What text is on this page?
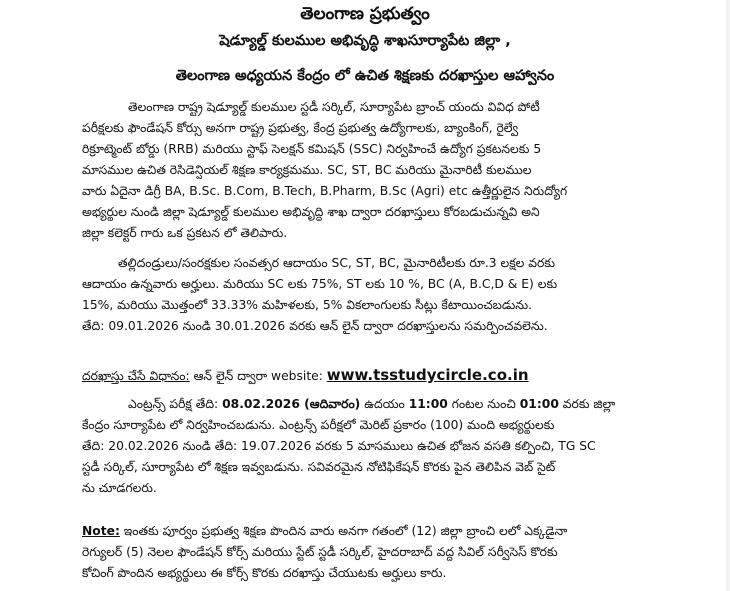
తెలంగాణ ప్రభుత్వం
షెడ్యూల్డ్ కులముల అభివృద్ధి శాఖసూర్యాపేట జిల్లా ,
తెలంగాణ అధ్యయన కేంద్రం లో ఉచిత శిక్షణకు దరఖాస్తుల ఆహ్వానం
తెలంగాణ రాష్ట్ర షెడ్యూల్డ్ కులముల స్టడీ సర్కిల్, సూర్యాపేట బ్రాంచ్ యందు వివిధ పోటీ
పరీక్షలకు ఫౌండేషన్ కోర్సు అనగా రాష్ట్ర ప్రభుత్వ, కేంద్ర ప్రభుత్వ ఉద్యోగాలకు, బ్యాంకింగ్, రైల్వే
రిక్రూట్మెంట్ బోర్డు (RRB) మరియు స్టాఫ్ సెలక్షన్ కమిషన్ (SSC) నిర్వహించే ఉద్యోగ ప్రకటనలకు 5
మాసముల ఉచిత రెసిడెన్షియల్ శిక్షణ కార్యక్రమము. SC, ST, BC మరియు మైనారిటీ కులముల
వారు ఏదైనా డిగ్రీ BA, B.Sc. B.Com, B.Tech, B.Pharm, B.Sc (Agri) etc ఉత్తీర్ణులైన నిరుద్యోగ
అభ్యర్థుల నుండి జిల్లా షెడ్యూల్డ్ కులముల అభివృద్ధి శాఖ ద్వారా దరఖాస్తులు కోరబడుచున్నవి అని
జిల్లా కలెక్టర్ గారు ఒక ప్రకటన లో తెలిపారు.
తల్లిదండ్రులు/సంరక్షకుల సంవత్సర ఆదాయం SC, ST, BC, మైనారిటీలకు రూ.3 లక్షల వరకు
ఆదాయం ఉన్నవారు అర్హులు. మరియు SC లకు 75%, ST లకు 10 %, BC (A, B.C,D & E) లకు
15%, మరియు మొత్తంలో 33.33% మహిళలకు, 5% వికలాంగులకు సీట్లు కేటాయించబడును.
తేది: 09.01.2026 నుండి 30.01.2026 వరకు ఆన్ లైన్ ద్వారా దరఖాస్తులను సమర్పించవలెను.
దరఖాస్తు చేసే విధానం: ఆన్ లైన్ ద్వారా website: www.tsstudycircle.co.in
ఎంట్రన్స్ పరీక్ష తేది: 08.02.2026 (ఆదివారం) ఉదయం 11:00 గంటల నుంచి 01:00 వరకు జిల్లా
కేంద్రం సూర్యాపేట లో నిర్వహించబడును. ఎంట్రన్స్ పరీక్షలో మెరిట్ ప్రకారం (100) మంది అభ్యర్థులకు
తేది: 20.02.2026 నుండి తేది: 19.07.2026 వరకు 5 మాసములు ఉచిత భోజన వసతి కల్పించి, TG SC
స్టడీ సర్కిల్, సూర్యాపేట లో శిక్షణ ఇవ్వబడును. సవివరమైన నోటిఫికేషన్ కొరకు పైన తెలిపిన వెబ్ సైట్
ను చూడగలరు.
Note: ఇంతకు పూర్వం ప్రభుత్వ శిక్షణ పొందిన వారు అనగా గతంలో (12) జిల్లా బ్రాంచి లలో ఎక్కడైనా
రెగ్యులర్ (5) నెలల ఫౌండేషన్ కోర్స్ మరియు స్టేట్ స్టడీ సర్కిల్, హైదరాబాద్ వద్ద సివిల్ సర్వీసెస్ కొరకు
కోచింగ్ పొందిన అభ్యర్థులు ఈ కోర్స్ కొరకు దరఖాస్తు చేయుటకు అర్హులు కారు.
